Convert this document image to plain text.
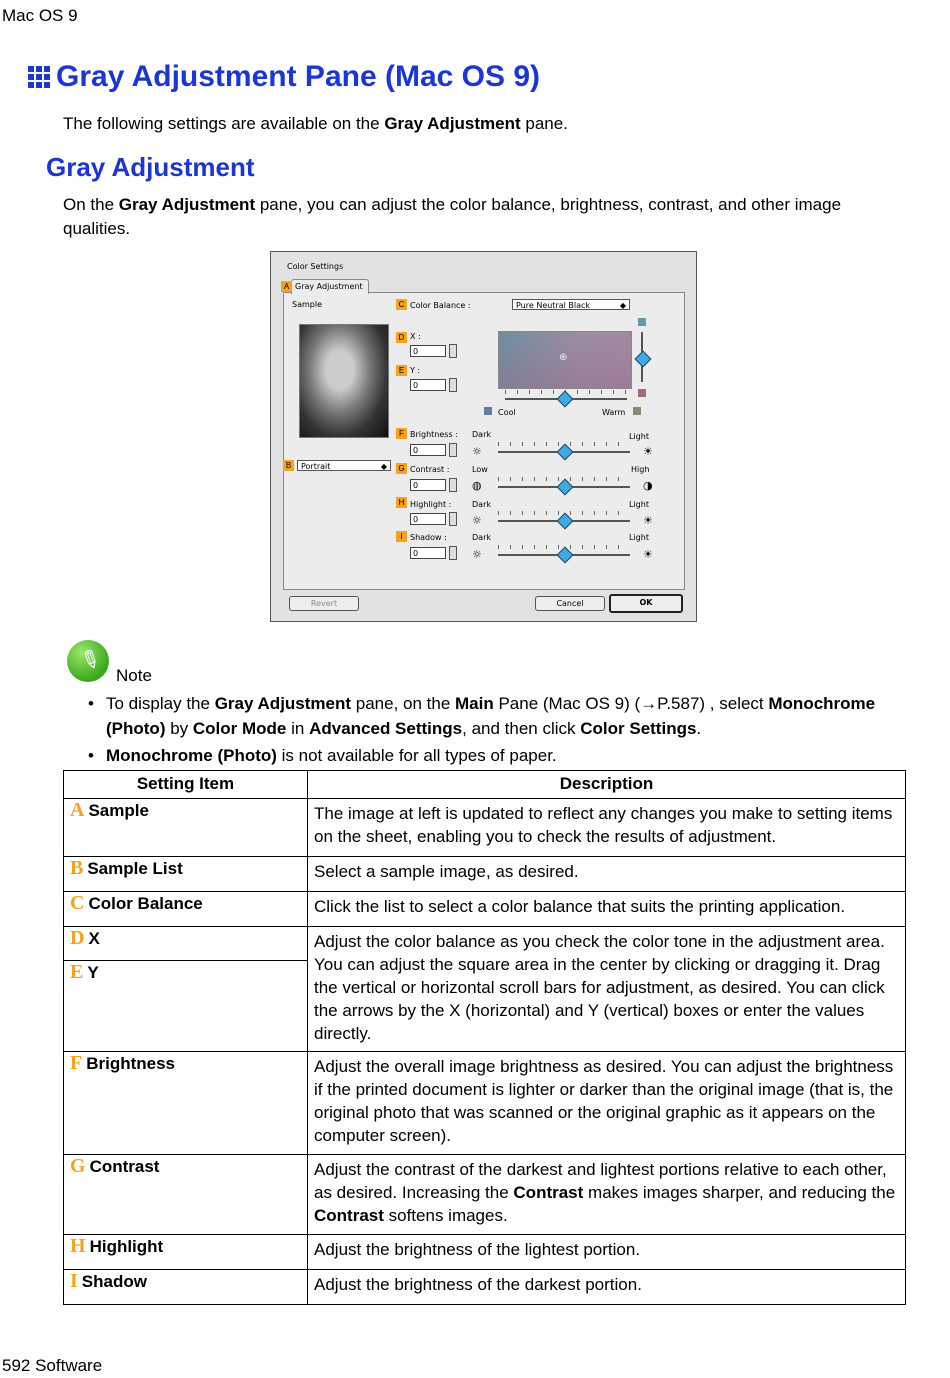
Mac OS 9
Gray Adjustment Pane (Mac OS 9)
The following settings are available on the Gray Adjustment pane.
Gray Adjustment
On the Gray Adjustment pane, you can adjust the color balance, brightness, contrast, and other image qualities.
Color Settings
Gray Adjustment
A
Sample
B	Portrait	◆
C Color Balance :	Pure Neutral Black	◆
D X :
0
E Y :
0
⊕
Cool	Warm
F Brightness :
0
Dark	Light
☼	☀
G Contrast :
0
Low	High
◍	◑
H Highlight :
0
Dark	Light
☼	☀
I Shadow :
0
Dark	Light
☼	☀
Revert	Cancel	OK
✎ Note
• To display the Gray Adjustment pane, on the Main Pane (Mac OS 9) (→P.587) , select Monochrome (Photo) by Color Mode in Advanced Settings, and then click Color Settings.
• Monochrome (Photo) is not available for all types of paper.
Setting Item	Description
A Sample	The image at left is updated to reflect any changes you make to setting items on the sheet, enabling you to check the results of adjustment.
B Sample List	Select a sample image, as desired.
C Color Balance	Click the list to select a color balance that suits the printing application.
D X	Adjust the color balance as you check the color tone in the adjustment area. You can adjust the square area in the center by clicking or dragging it. Drag the vertical or horizontal scroll bars for adjustment, as desired. You can click the arrows by the X (horizontal) and Y (vertical) boxes or enter the values directly.
E Y	
F Brightness	Adjust the overall image brightness as desired. You can adjust the brightness if the printed document is lighter or darker than the original image (that is, the original photo that was scanned or the original graphic as it appears on the computer screen).
G Contrast	Adjust the contrast of the darkest and lightest portions relative to each other, as desired. Increasing the Contrast makes images sharper, and reducing the Contrast softens images.
H Highlight	Adjust the brightness of the lightest portion.
I Shadow	Adjust the brightness of the darkest portion.
592 Software
